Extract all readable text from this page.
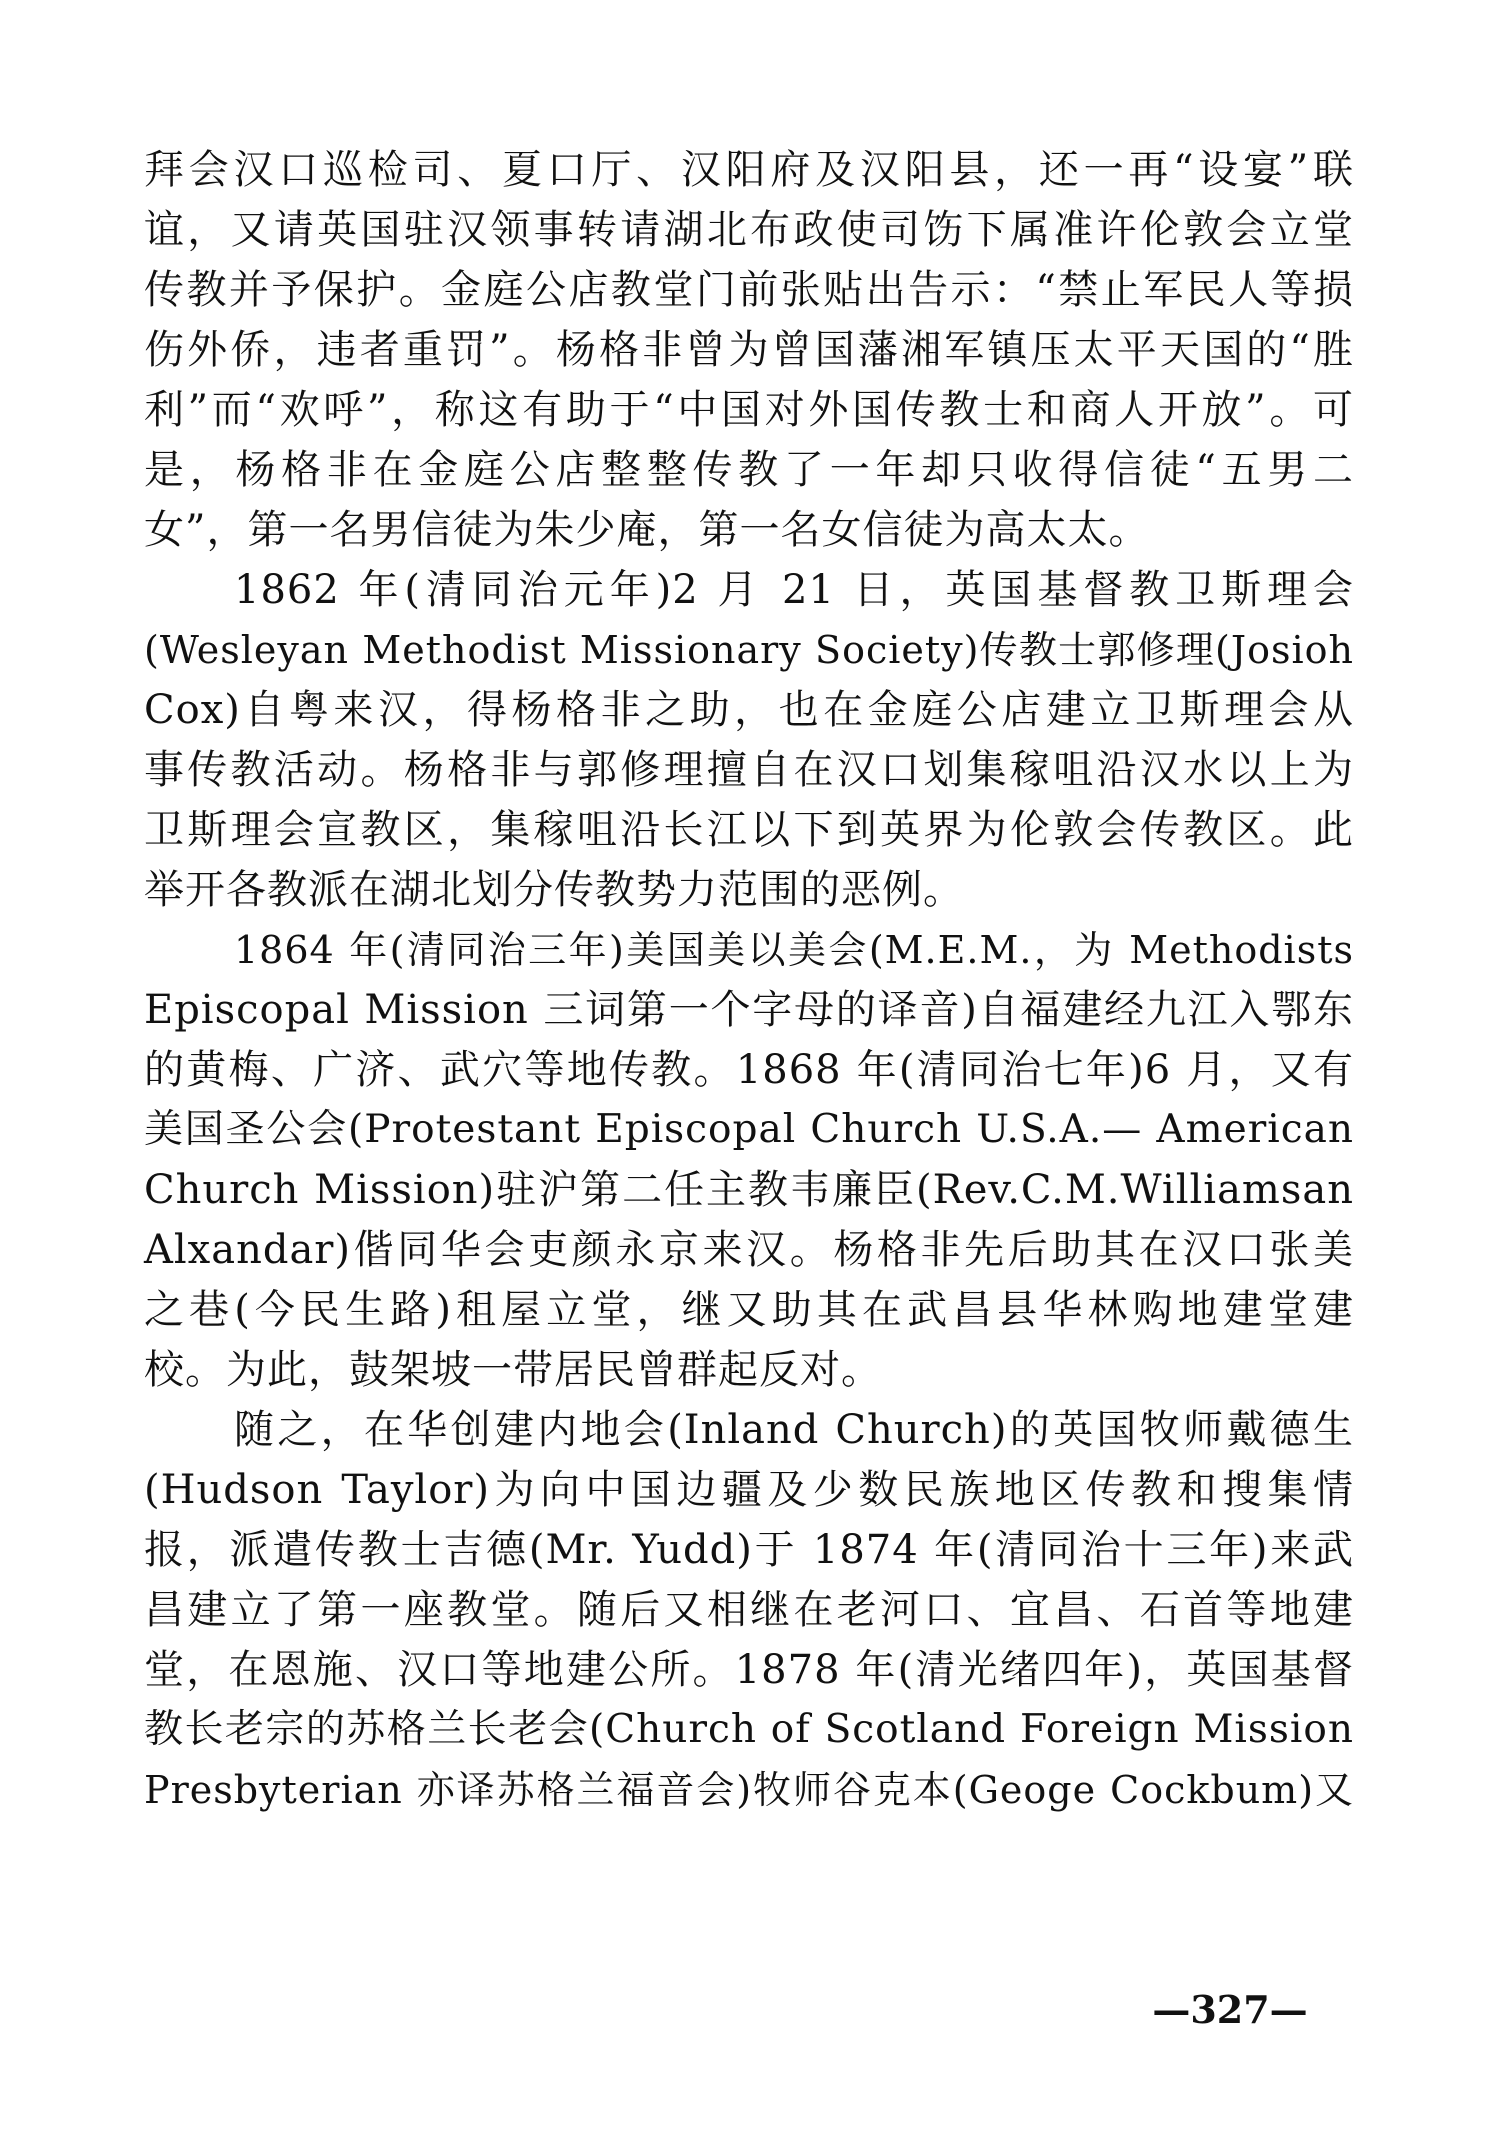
拜会汉口巡检司、夏口厅、汉阳府及汉阳县，还一再“设宴”联
谊，又请英国驻汉领事转请湖北布政使司饬下属准许伦敦会立堂
传教并予保护。金庭公店教堂门前张贴出告示：“禁止军民人等损
伤外侨，违者重罚”。杨格非曾为曾国藩湘军镇压太平天国的“胜
利”而“欢呼”，称这有助于“中国对外国传教士和商人开放”。可
是，杨格非在金庭公店整整传教了一年却只收得信徒“五男二
女”，第一名男信徒为朱少庵，第一名女信徒为高太太。
1862 年(清同治元年)2 月 21 日，英国基督教卫斯理会
(Wesleyan Methodist Missionary Society)传教士郭修理(Josioh
Cox)自粤来汉，得杨格非之助，也在金庭公店建立卫斯理会从
事传教活动。杨格非与郭修理擅自在汉口划集稼咀沿汉水以上为
卫斯理会宣教区，集稼咀沿长江以下到英界为伦敦会传教区。此
举开各教派在湖北划分传教势力范围的恶例。
1864 年(清同治三年)美国美以美会(M.E.M.，为 Methodists
Episcopal Mission 三词第一个字母的译音)自福建经九江入鄂东
的黄梅、广济、武穴等地传教。1868 年(清同治七年)6 月，又有
美国圣公会(Protestant Episcopal Church U.S.A.— American
Church Mission)驻沪第二任主教韦廉臣(Rev.C.M.Williamsan
Alxandar)偕同华会吏颜永京来汉。杨格非先后助其在汉口张美
之巷(今民生路)租屋立堂，继又助其在武昌县华林购地建堂建
校。为此，鼓架坡一带居民曾群起反对。
随之，在华创建内地会(Inland Church)的英国牧师戴德生
(Hudson Taylor)为向中国边疆及少数民族地区传教和搜集情
报，派遣传教士吉德(Mr. Yudd)于 1874 年(清同治十三年)来武
昌建立了第一座教堂。随后又相继在老河口、宜昌、石首等地建
堂，在恩施、汉口等地建公所。1878 年(清光绪四年)，英国基督
教长老宗的苏格兰长老会(Church of Scotland Foreign Mission
Presbyterian 亦译苏格兰福音会)牧师谷克本(Geoge Cockbum)又
—327—
